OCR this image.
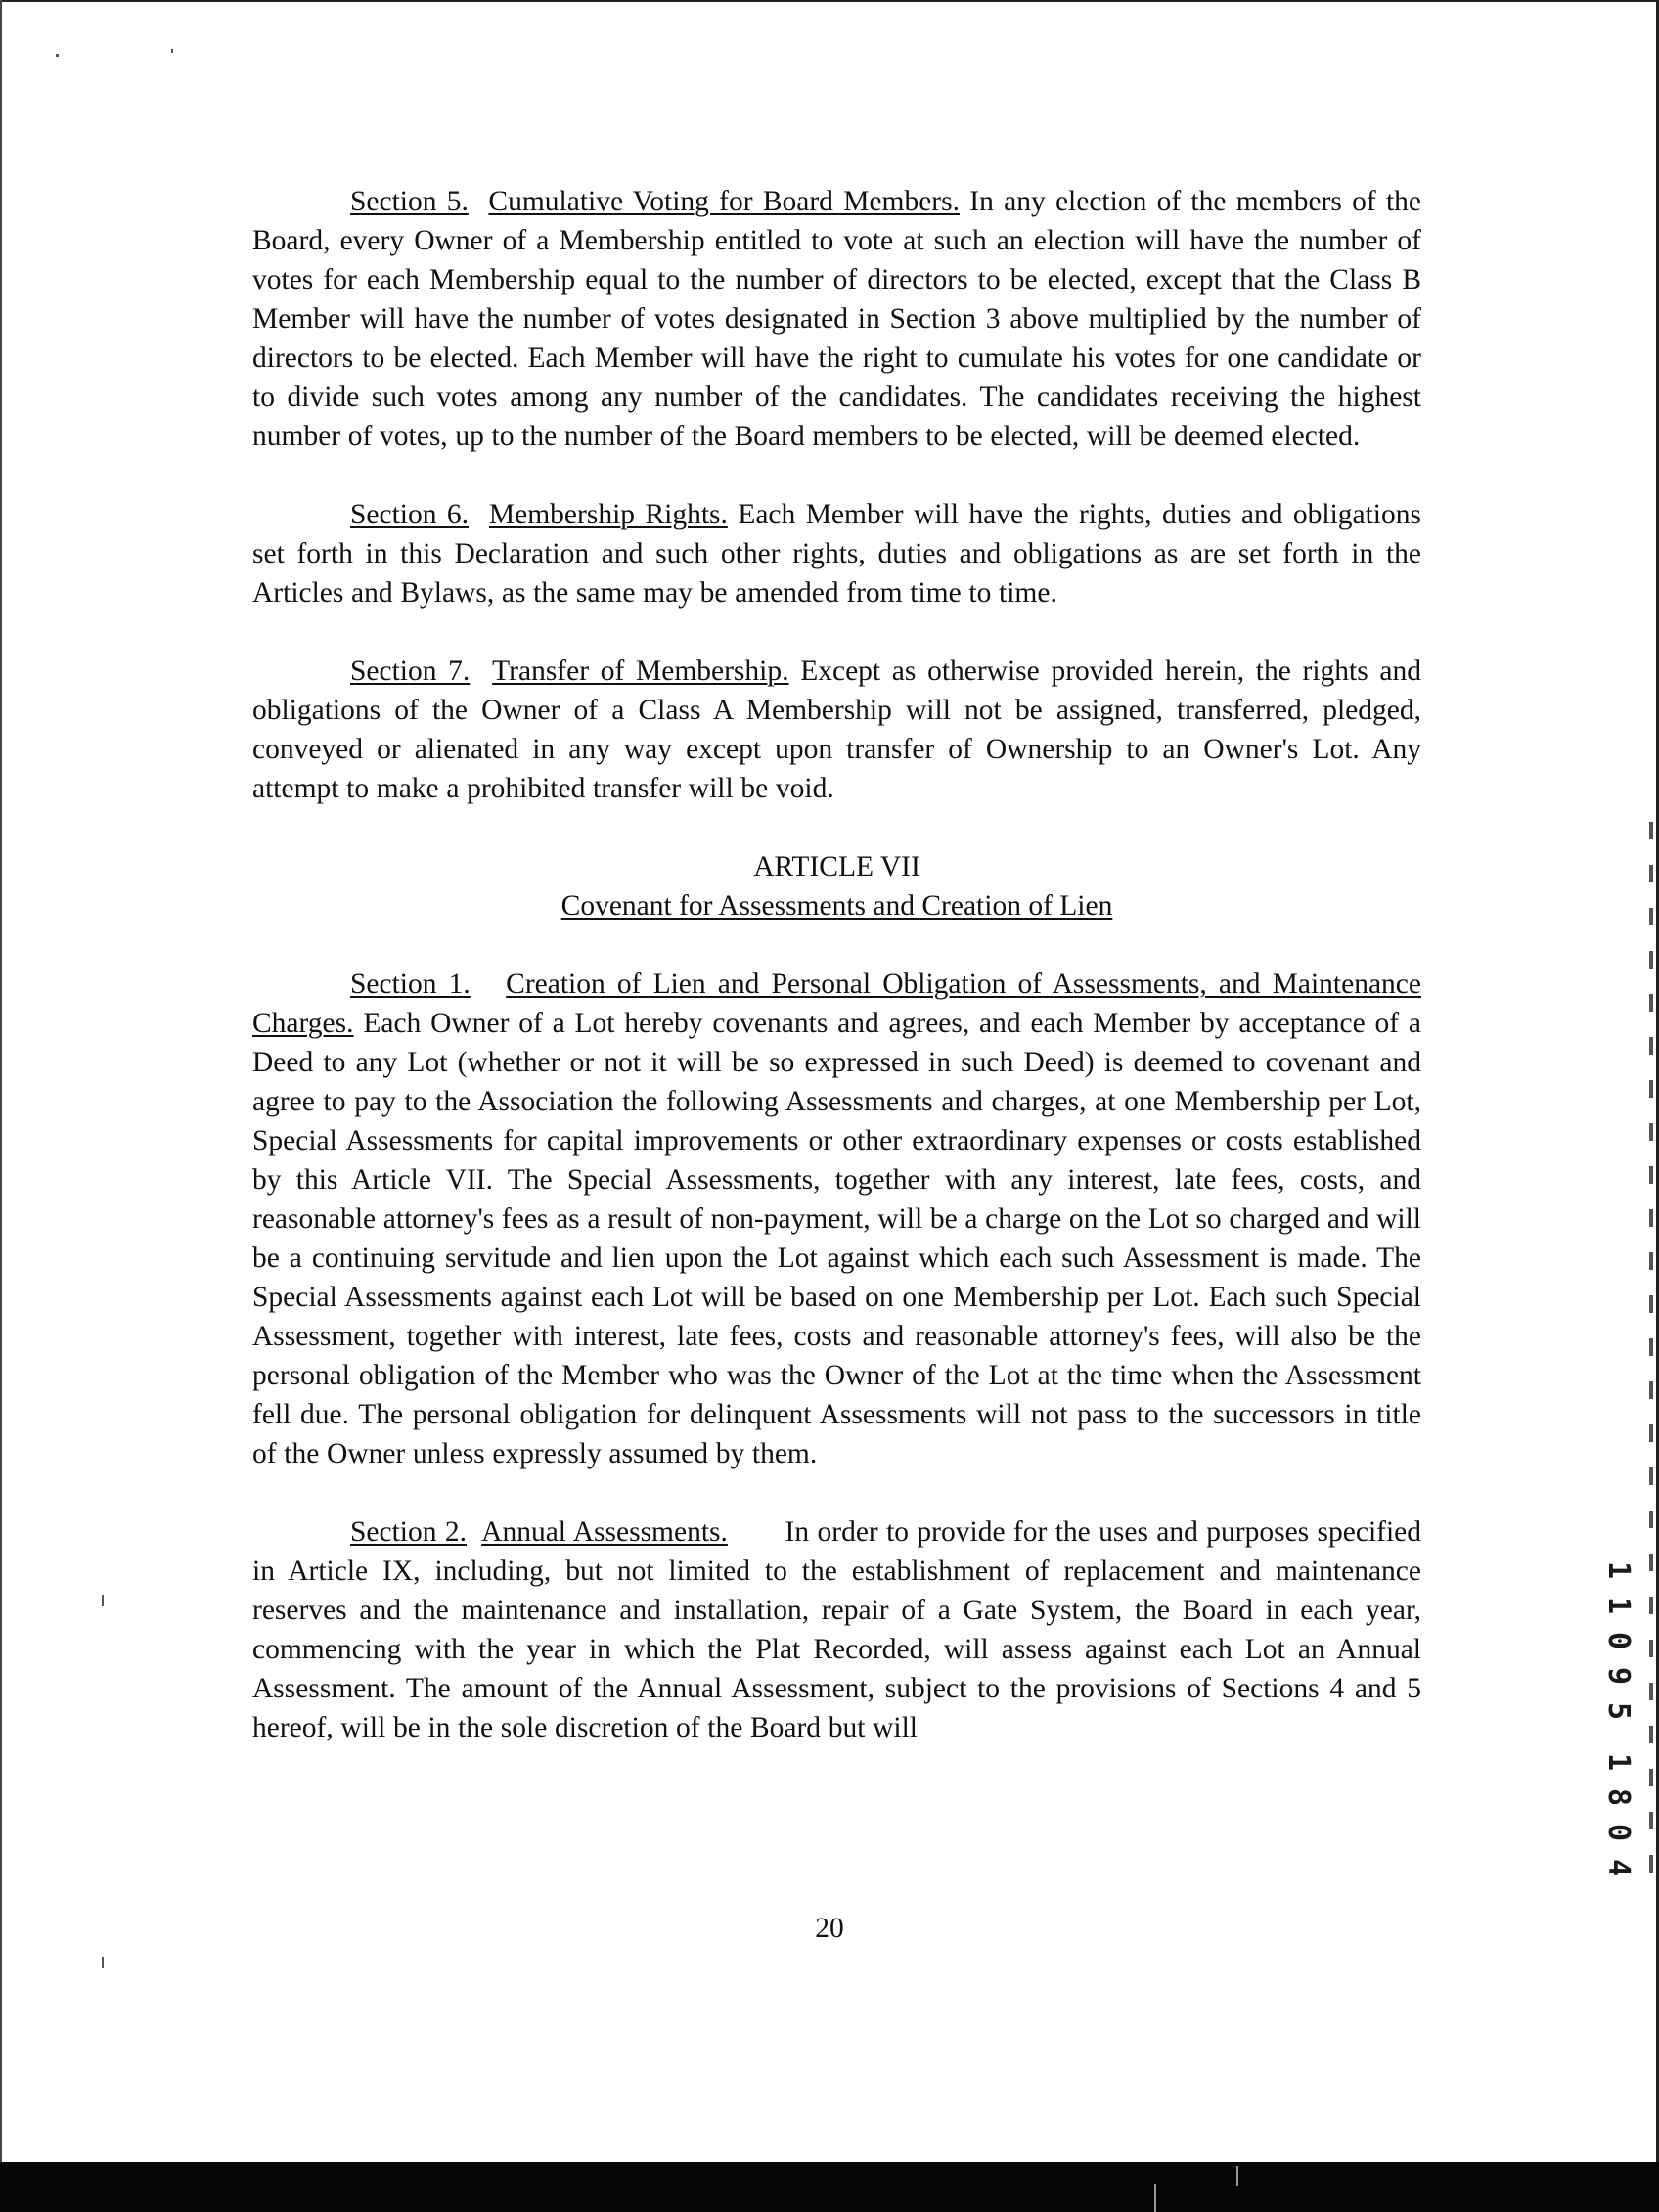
Section 5. Cumulative Voting for Board Members. In any election of the members of the Board, every Owner of a Membership entitled to vote at such an election will have the number of votes for each Membership equal to the number of directors to be elected, except that the Class B Member will have the number of votes designated in Section 3 above multiplied by the number of directors to be elected. Each Member will have the right to cumulate his votes for one candidate or to divide such votes among any number of the candidates. The candidates receiving the highest number of votes, up to the number of the Board members to be elected, will be deemed elected.

Section 6. Membership Rights. Each Member will have the rights, duties and obligations set forth in this Declaration and such other rights, duties and obligations as are set forth in the Articles and Bylaws, as the same may be amended from time to time.

Section 7. Transfer of Membership. Except as otherwise provided herein, the rights and obligations of the Owner of a Class A Membership will not be assigned, transferred, pledged, conveyed or alienated in any way except upon transfer of Ownership to an Owner's Lot. Any attempt to make a prohibited transfer will be void.

ARTICLE VII
Covenant for Assessments and Creation of Lien

Section 1. Creation of Lien and Personal Obligation of Assessments, and Maintenance Charges. Each Owner of a Lot hereby covenants and agrees, and each Member by acceptance of a Deed to any Lot (whether or not it will be so expressed in such Deed) is deemed to covenant and agree to pay to the Association the following Assessments and charges, at one Membership per Lot, Special Assessments for capital improvements or other extraordinary expenses or costs established by this Article VII. The Special Assessments, together with any interest, late fees, costs, and reasonable attorney's fees as a result of non-payment, will be a charge on the Lot so charged and will be a continuing servitude and lien upon the Lot against which each such Assessment is made. The Special Assessments against each Lot will be based on one Membership per Lot. Each such Special Assessment, together with interest, late fees, costs and reasonable attorney's fees, will also be the personal obligation of the Member who was the Owner of the Lot at the time when the Assessment fell due. The personal obligation for delinquent Assessments will not pass to the successors in title of the Owner unless expressly assumed by them.

Section 2. Annual Assessments. In order to provide for the uses and purposes specified in Article IX, including, but not limited to the establishment of replacement and maintenance reserves and the maintenance and installation, repair of a Gate System, the Board in each year, commencing with the year in which the Plat Recorded, will assess against each Lot an Annual Assessment. The amount of the Annual Assessment, subject to the provisions of Sections 4 and 5 hereof, will be in the sole discretion of the Board but will

20
1
1
0
9
5
1
8
0
4
